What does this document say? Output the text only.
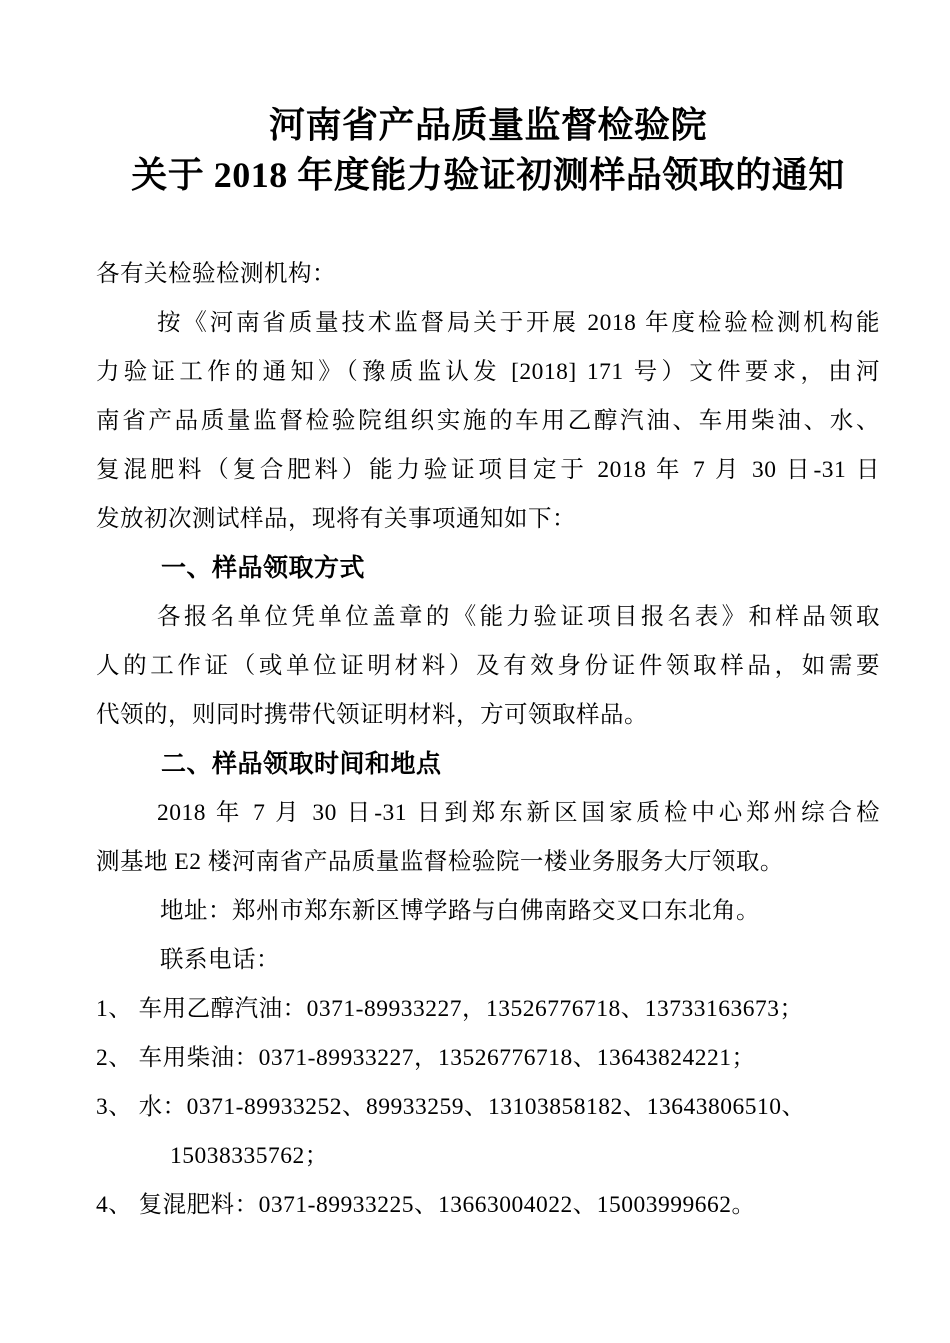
河南省产品质量监督检验院
关于 2018 年度能力验证初测样品领取的通知
各有关检验检测机构：
按《河南省质量技术监督局关于开展 2018 年度检验检测机构能
力验证工作的通知》（豫质监认发 [2018] 171 号）文件要求，由河
南省产品质量监督检验院组织实施的车用乙醇汽油、车用柴油、水、
复混肥料（复合肥料）能力验证项目定于 2018 年 7 月 30 日-31 日
发放初次测试样品，现将有关事项通知如下：
一、样品领取方式
各报名单位凭单位盖章的《能力验证项目报名表》和样品领取
人的工作证（或单位证明材料）及有效身份证件领取样品，如需要
代领的，则同时携带代领证明材料，方可领取样品。
二、样品领取时间和地点
2018 年 7 月 30 日-31 日到郑东新区国家质检中心郑州综合检
测基地 E2 楼河南省产品质量监督检验院一楼业务服务大厅领取。
地址：郑州市郑东新区博学路与白佛南路交叉口东北角。
联系电话：
1、 车用乙醇汽油：0371-89933227，13526776718、13733163673；
2、 车用柴油：0371-89933227，13526776718、13643824221；
3、 水：0371-89933252、89933259、13103858182、13643806510、
15038335762；
4、 复混肥料：0371-89933225、13663004022、15003999662。
